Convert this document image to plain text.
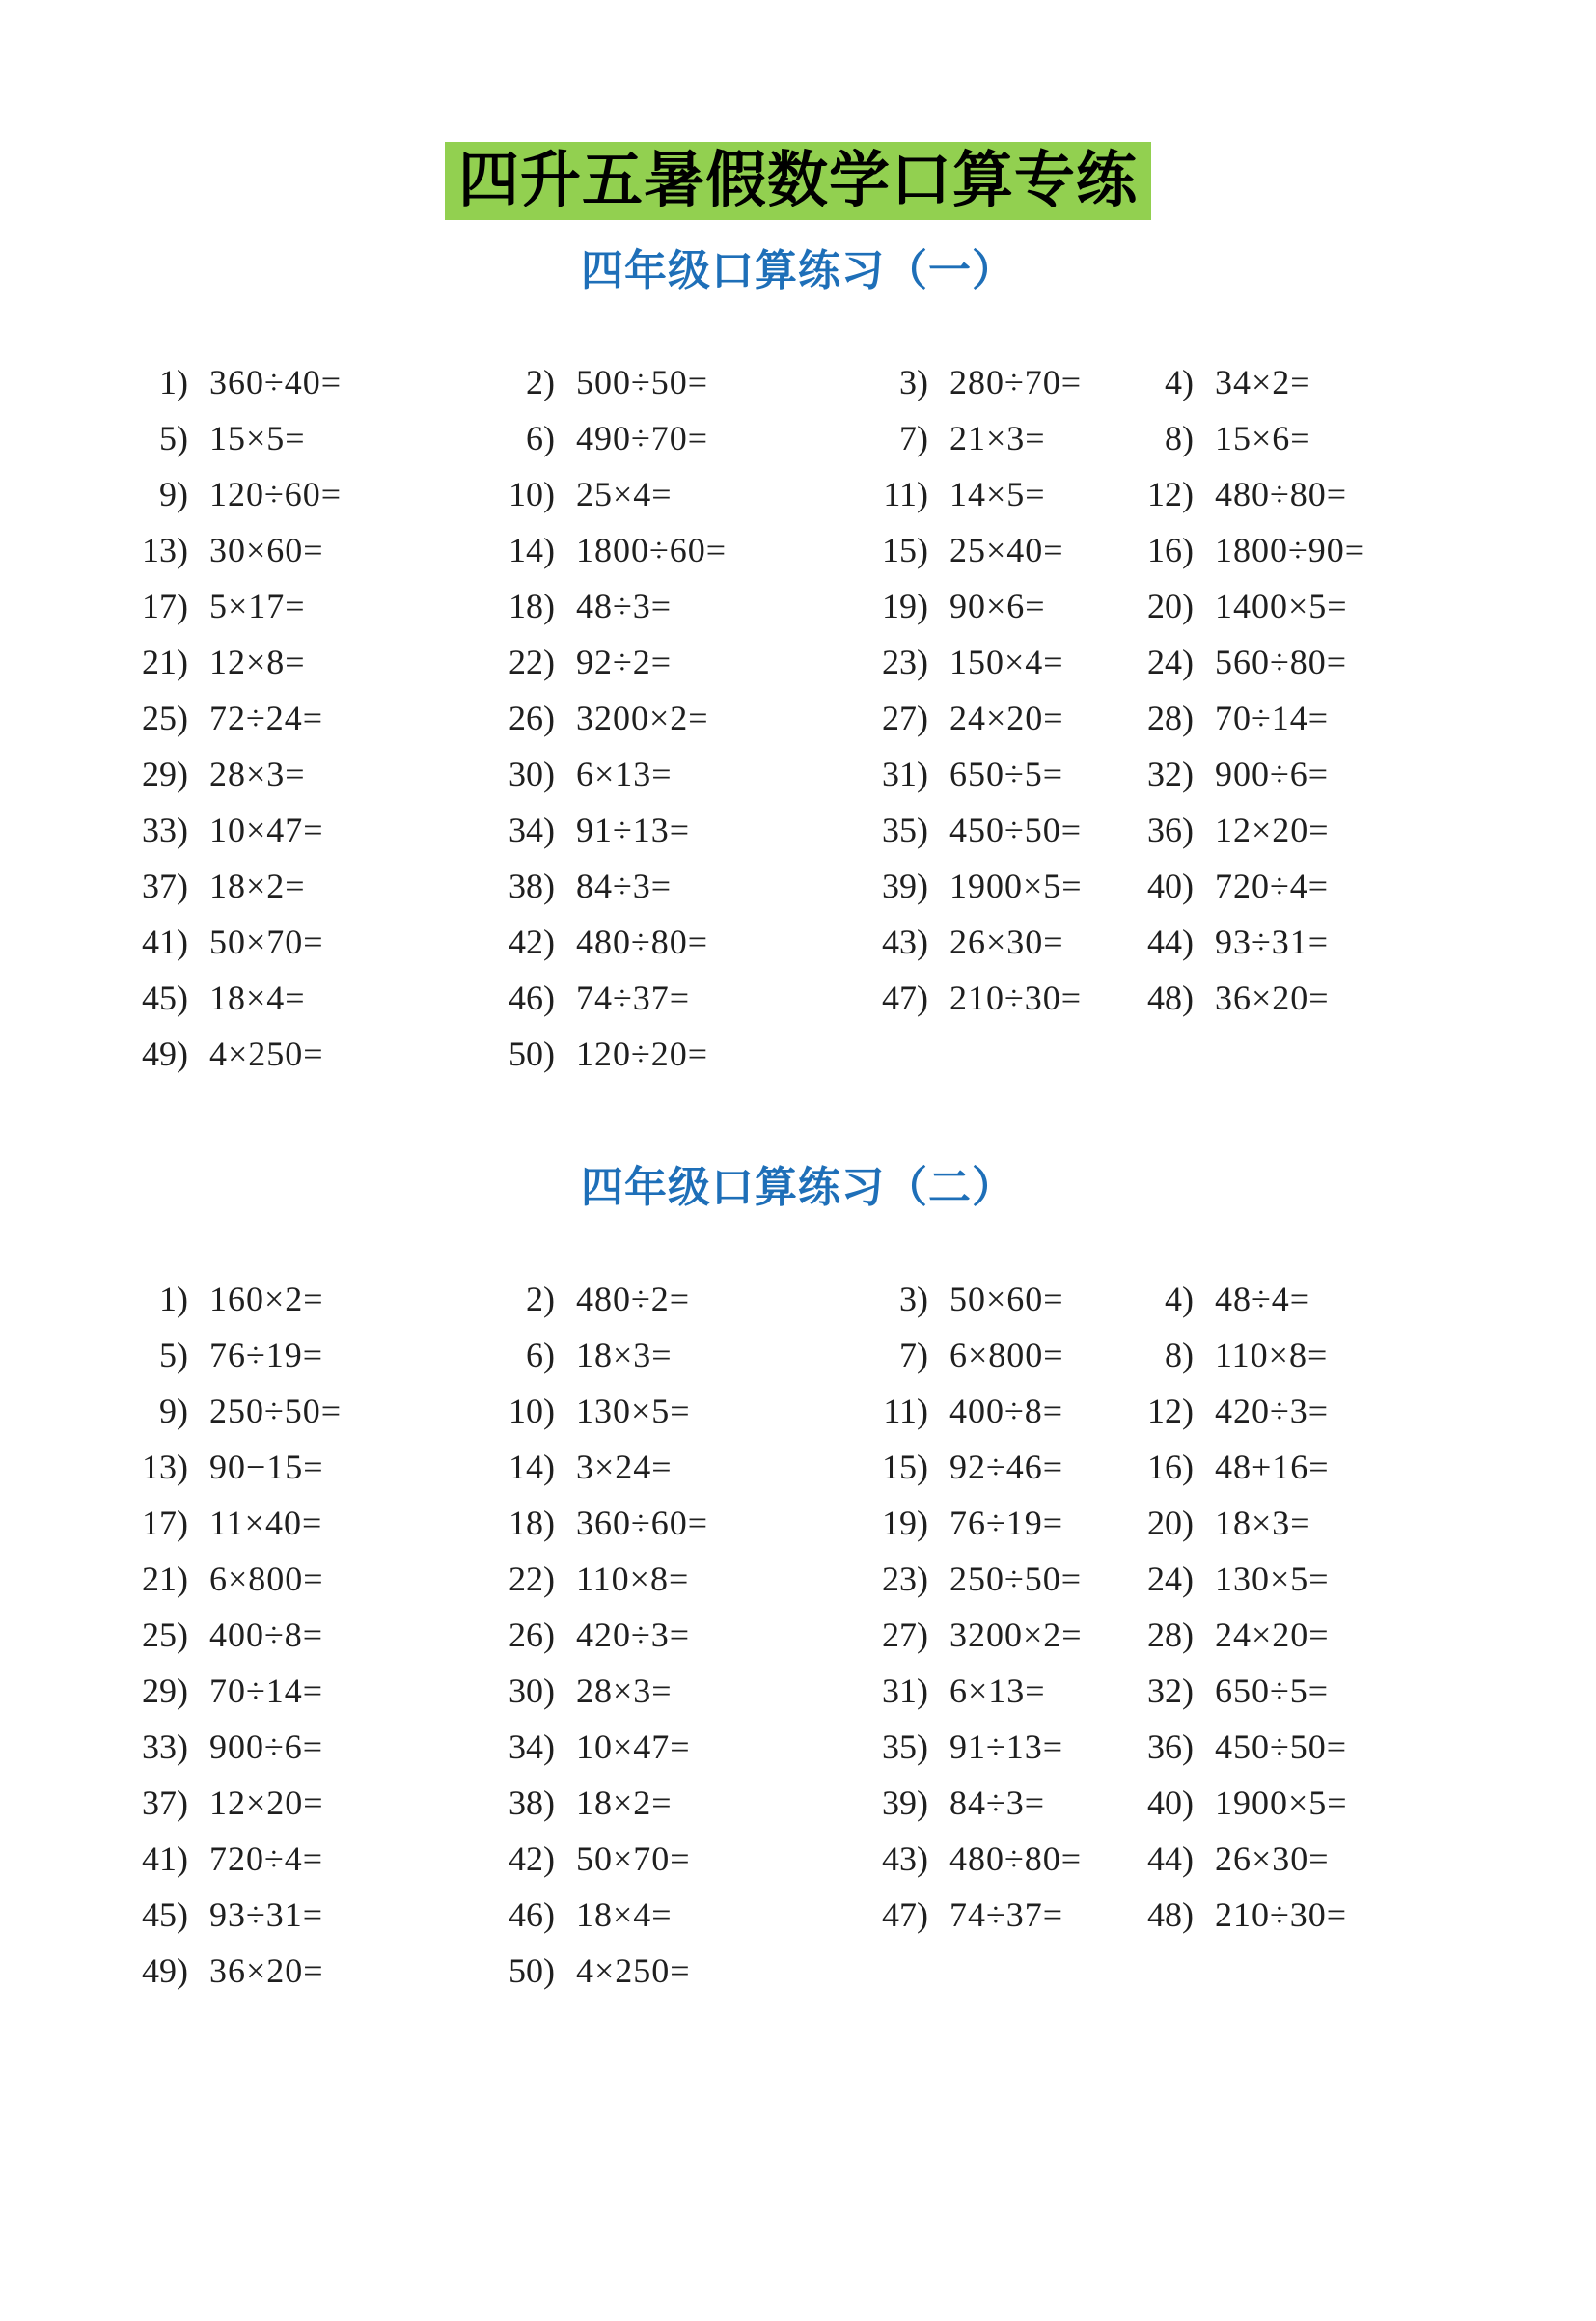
四升五暑假数学口算专练
四年级口算练习（一）
1) 360÷40=	2) 500÷50=	3) 280÷70=	4) 34×2=
5) 15×5=	6) 490÷70=	7) 21×3=	8) 15×6=
9) 120÷60=	10) 25×4=	11) 14×5=	12) 480÷80=
13) 30×60=	14) 1800÷60=	15) 25×40=	16) 1800÷90=
17) 5×17=	18) 48÷3=	19) 90×6=	20) 1400×5=
21) 12×8=	22) 92÷2=	23) 150×4=	24) 560÷80=
25) 72÷24=	26) 3200×2=	27) 24×20=	28) 70÷14=
29) 28×3=	30) 6×13=	31) 650÷5=	32) 900÷6=
33) 10×47=	34) 91÷13=	35) 450÷50=	36) 12×20=
37) 18×2=	38) 84÷3=	39) 1900×5=	40) 720÷4=
41) 50×70=	42) 480÷80=	43) 26×30=	44) 93÷31=
45) 18×4=	46) 74÷37=	47) 210÷30=	48) 36×20=
49) 4×250=	50) 120÷20=
四年级口算练习（二）
1) 160×2=	2) 480÷2=	3) 50×60=	4) 48÷4=
5) 76÷19=	6) 18×3=	7) 6×800=	8) 110×8=
9) 250÷50=	10) 130×5=	11) 400÷8=	12) 420÷3=
13) 90−15=	14) 3×24=	15) 92÷46=	16) 48+16=
17) 11×40=	18) 360÷60=	19) 76÷19=	20) 18×3=
21) 6×800=	22) 110×8=	23) 250÷50=	24) 130×5=
25) 400÷8=	26) 420÷3=	27) 3200×2=	28) 24×20=
29) 70÷14=	30) 28×3=	31) 6×13=	32) 650÷5=
33) 900÷6=	34) 10×47=	35) 91÷13=	36) 450÷50=
37) 12×20=	38) 18×2=	39) 84÷3=	40) 1900×5=
41) 720÷4=	42) 50×70=	43) 480÷80=	44) 26×30=
45) 93÷31=	46) 18×4=	47) 74÷37=	48) 210÷30=
49) 36×20=	50) 4×250=
